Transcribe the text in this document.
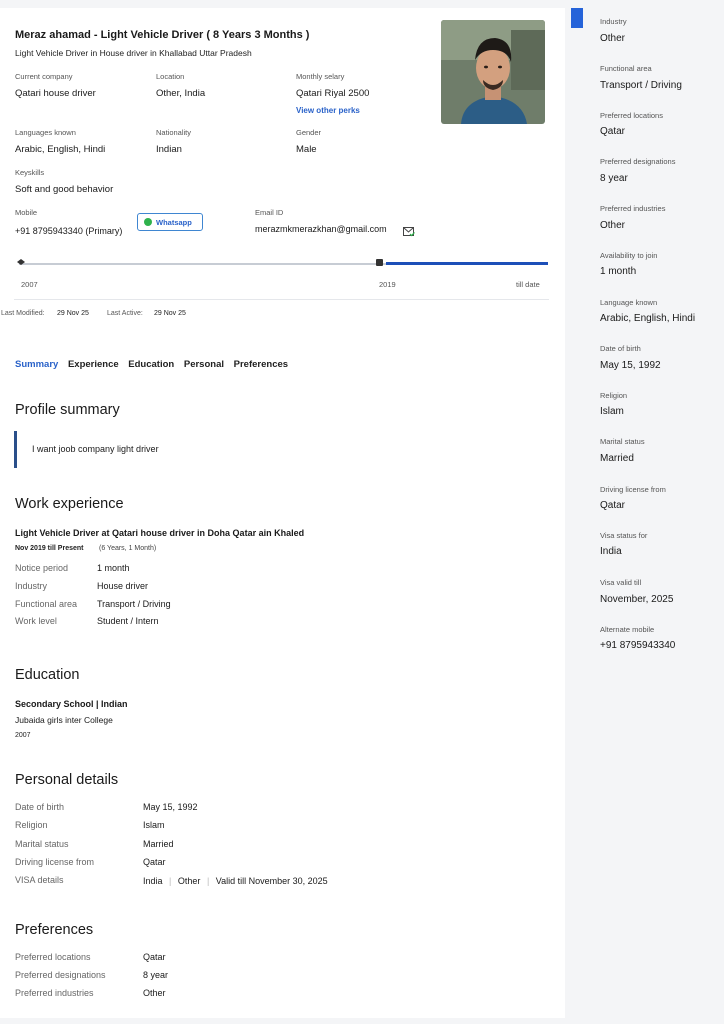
Meraz ahamad - Light Vehicle Driver ( 8 Years 3 Months )
Light Vehicle Driver in House driver in Khallabad Uttar Pradesh
Current company
Qatari house driver
Location
Other, India
Monthly selary
Qatari Riyal 2500
View other perks
Languages known
Arabic, English, Hindi
Nationality
Indian
Gender
Male
Keyskills
Soft and good behavior
Mobile
+91 8795943340 (Primary)
Whatsapp
Email ID
merazmkmerazkhan@gmail.com
2007	2019	till date
Last Modified: 29 Nov 25	Last Active: 29 Nov 25
Summary Experience Education Personal Preferences
Profile summary
I want joob company light driver
Work experience
Light Vehicle Driver at Qatari house driver in Doha Qatar ain Khaled
Nov 2019 till Present (6 Years, 1 Month)
Notice period	1 month
Industry	House driver
Functional area Transport / Driving
Work level	Student / Intern
Education
Secondary School | Indian
Jubaida girls inter College
2007
Personal details
Date of birth	May 15, 1992
Religion	Islam
Marital status	Married
Driving license from	Qatar
VISA details	India | Other | Valid till November 30, 2025
Preferences
Preferred locations	Qatar
Preferred designations	8 year
Preferred industries	Other
Industry
Other
Functional area
Transport / Driving
Preferred locations
Qatar
Preferred designations
8 year
Preferred industries
Other
Availability to join
1 month
Language known
Arabic, English, Hindi
Date of birth
May 15, 1992
Religion
Islam
Marital status
Married
Driving license from
Qatar
Visa status for
India
Visa valid till
November, 2025
Alternate mobile
+91 8795943340
